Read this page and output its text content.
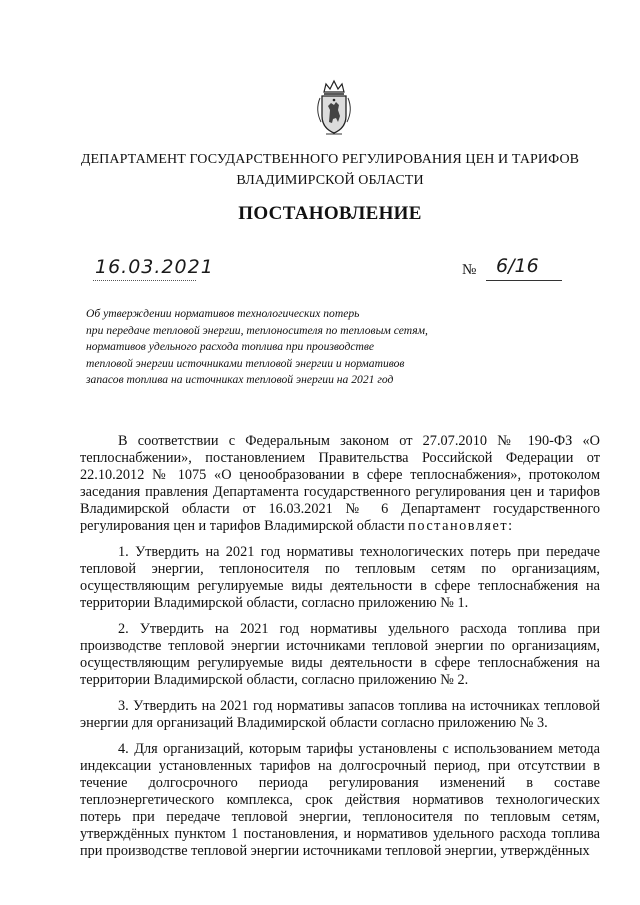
ДЕПАРТАМЕНТ ГОСУДАРСТВЕННОГО РЕГУЛИРОВАНИЯ ЦЕН И ТАРИФОВ
ВЛАДИМИРСКОЙ ОБЛАСТИ
ПОСТАНОВЛЕНИЕ
16.03.2021	№ 6/16
Об утверждении нормативов технологических потерь
при передаче тепловой энергии, теплоносителя по тепловым сетям,
нормативов удельного расхода топлива при производстве
тепловой энергии источниками тепловой энергии и нормативов
запасов топлива на источниках тепловой энергии на 2021 год

В соответствии с Федеральным законом от 27.07.2010 № 190-ФЗ «О теплоснабжении», постановлением Правительства Российской Федерации от 22.10.2012 № 1075 «О ценообразовании в сфере теплоснабжения», протоколом заседания правления Департамента государственного регулирования цен и тарифов Владимирской области от 16.03.2021 № 6 Департамент государственного регулирования цен и тарифов Владимирской области постановляет:

1. Утвердить на 2021 год нормативы технологических потерь при передаче тепловой энергии, теплоносителя по тепловым сетям по организациям, осуществляющим регулируемые виды деятельности в сфере теплоснабжения на территории Владимирской области, согласно приложению № 1.

2. Утвердить на 2021 год нормативы удельного расхода топлива при производстве тепловой энергии источниками тепловой энергии по организациям, осуществляющим регулируемые виды деятельности в сфере теплоснабжения на территории Владимирской области, согласно приложению № 2.

3. Утвердить на 2021 год нормативы запасов топлива на источниках тепловой энергии для организаций Владимирской области согласно приложению № 3.

4. Для организаций, которым тарифы установлены с использованием метода индексации установленных тарифов на долгосрочный период, при отсутствии в течение долгосрочного периода регулирования изменений в составе теплоэнергетического комплекса, срок действия нормативов технологических потерь при передаче тепловой энергии, теплоносителя по тепловым сетям, утверждённых пунктом 1 постановления, и нормативов удельного расхода топлива при производстве тепловой энергии источниками тепловой энергии, утверждённых
